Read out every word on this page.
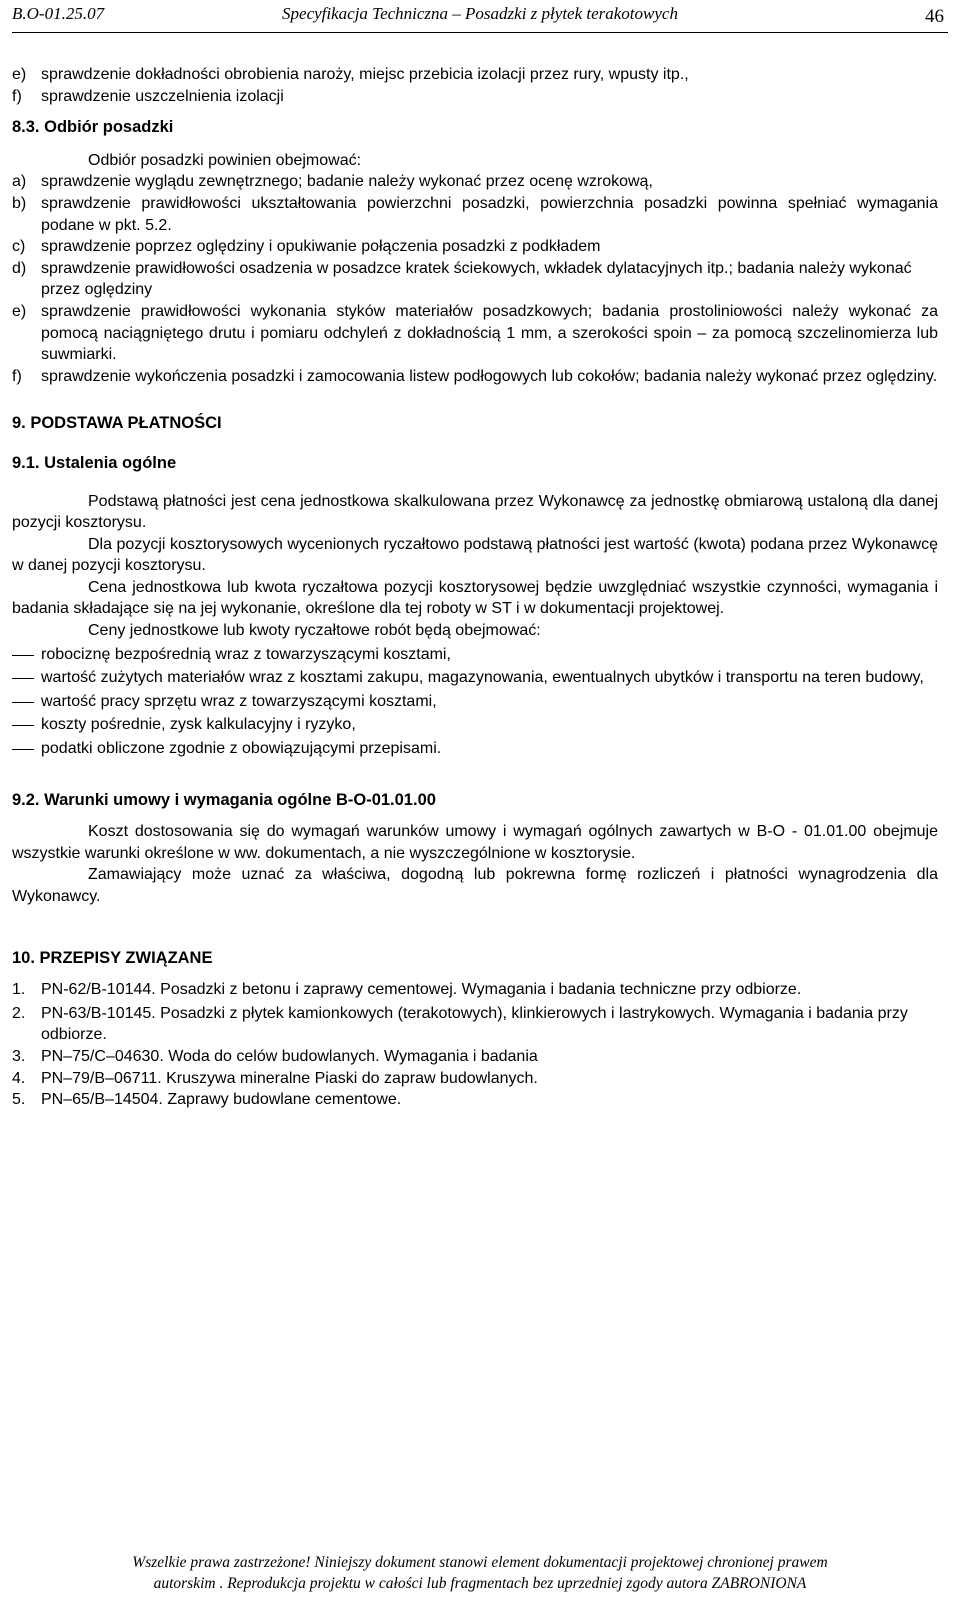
B.O-01.25.07	Specyfikacja Techniczna – Posadzki z płytek terakotowych	46
e) sprawdzenie dokładności obrobienia naroży, miejsc przebicia izolacji przez rury, wpusty itp.,
f) sprawdzenie uszczelnienia izolacji

8.3. Odbiór posadzki

Odbiór posadzki powinien obejmować:

a) sprawdzenie wyglądu zewnętrznego; badanie należy wykonać przez ocenę wzrokową,
b) sprawdzenie prawidłowości ukształtowania powierzchni posadzki, powierzchnia posadzki powinna spełniać wymagania podane w pkt. 5.2.
c) sprawdzenie poprzez oględziny i opukiwanie połączenia posadzki z podkładem
d) sprawdzenie prawidłowości osadzenia w posadzce kratek ściekowych, wkładek dylatacyjnych itp.; badania należy wykonać przez oględziny
e) sprawdzenie prawidłowości wykonania styków materiałów posadzkowych; badania prostoliniowości należy wykonać za pomocą naciągniętego drutu i pomiaru odchyleń z dokładnością 1 mm, a szerokości spoin – za pomocą szczelinomierza lub suwmiarki.
f) sprawdzenie wykończenia posadzki i zamocowania listew podłogowych lub cokołów; badania należy wykonać przez oględziny.

9. PODSTAWA PŁATNOŚCI

9.1. Ustalenia ogólne

Podstawą płatności jest cena jednostkowa skalkulowana przez Wykonawcę za jednostkę obmiarową ustaloną dla danej pozycji kosztorysu.

Dla pozycji kosztorysowych wycenionych ryczałtowo podstawą płatności jest wartość (kwota) podana przez Wykonawcę w danej pozycji kosztorysu.

Cena jednostkowa lub kwota ryczałtowa pozycji kosztorysowej będzie uwzględniać wszystkie czynności, wymagania i badania składające się na jej wykonanie, określone dla tej roboty w ST i w dokumentacji projektowej.

Ceny jednostkowe lub kwoty ryczałtowe robót będą obejmować:

robociznę bezpośrednią wraz z towarzyszącymi kosztami,
wartość zużytych materiałów wraz z kosztami zakupu, magazynowania, ewentualnych ubytków i transportu na teren budowy,
wartość pracy sprzętu wraz z towarzyszącymi kosztami,
koszty pośrednie, zysk kalkulacyjny i ryzyko,
podatki obliczone zgodnie z obowiązującymi przepisami.

9.2. Warunki umowy i wymagania ogólne B-O-01.01.00

Koszt dostosowania się do wymagań warunków umowy i wymagań ogólnych zawartych w B-O - 01.01.00 obejmuje wszystkie warunki określone w ww. dokumentach, a nie wyszczególnione w kosztorysie.

Zamawiający może uznać za właściwa, dogodną lub pokrewna formę rozliczeń i płatności wynagrodzenia dla Wykonawcy.

10. PRZEPISY ZWIĄZANE

1. PN-62/B-10144. Posadzki z betonu i zaprawy cementowej. Wymagania i badania techniczne przy odbiorze.
2. PN-63/B-10145. Posadzki z płytek kamionkowych (terakotowych), klinkierowych i lastrykowych. Wymagania i badania przy odbiorze.
3. PN–75/C–04630. Woda do celów budowlanych. Wymagania i badania
4. PN–79/B–06711. Kruszywa mineralne Piaski do zapraw budowlanych.
5. PN–65/B–14504. Zaprawy budowlane cementowe.
Wszelkie prawa zastrzeżone! Niniejszy dokument stanowi element dokumentacji projektowej chronionej prawem
autorskim . Reprodukcja projektu w całości lub fragmentach bez uprzedniej zgody autora ZABRONIONA
